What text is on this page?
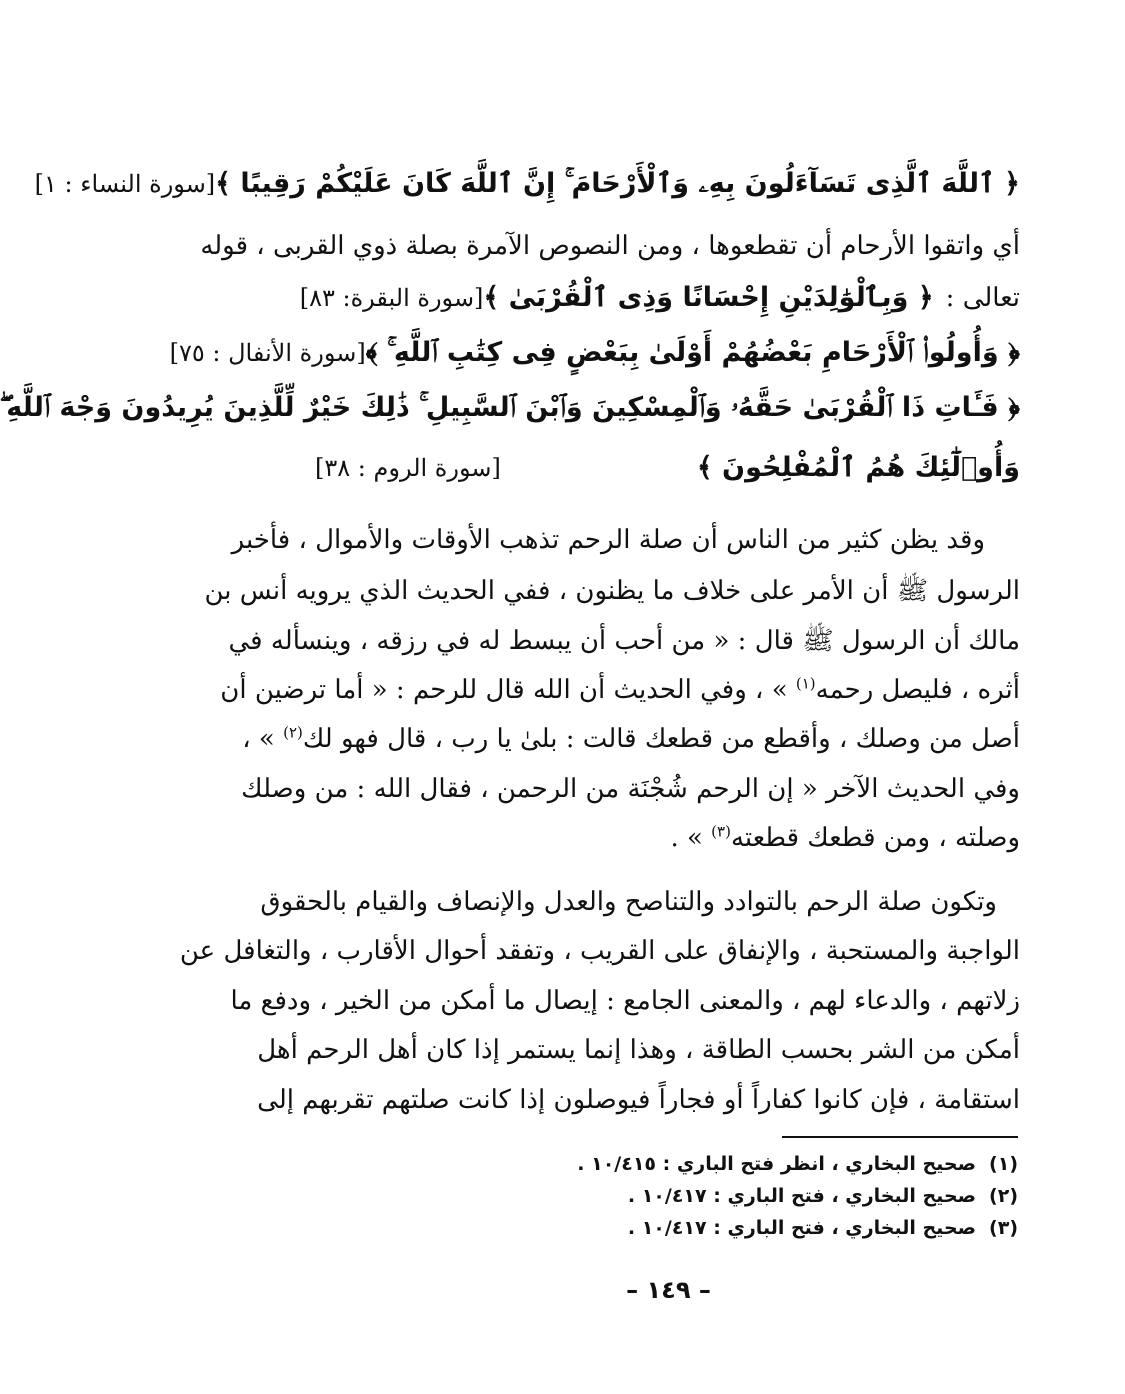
﴿ ٱللَّهَ ٱلَّذِى تَسَآءَلُونَ بِهِۦ وَٱلْأَرْحَامَ ۚ إِنَّ ٱللَّهَ كَانَ عَلَيْكُمْ رَقِيبًا ﴾
[سورة النساء : ١]
أي واتقوا الأرحام أن تقطعوها ، ومن النصوص الآمرة بصلة ذوي القربى ، قوله
تعالى :
﴿ وَبِٱلْوَٰلِدَيْنِ إِحْسَانًا وَذِى ٱلْقُرْبَىٰ ﴾
[سورة البقرة: ٨٣]
﴿ وَأُولُوا۟ ٱلْأَرْحَامِ بَعْضُهُمْ أَوْلَىٰ بِبَعْضٍ فِى كِتَٰبِ ٱللَّهِ ۚ ﴾
[سورة الأنفال : ٧٥]
﴿ فَـَٔاتِ ذَا ٱلْقُرْبَىٰ حَقَّهُۥ وَٱلْمِسْكِينَ وَٱبْنَ ٱلسَّبِيلِ ۚ ذَٰلِكَ خَيْرٌ لِّلَّذِينَ يُرِيدُونَ وَجْهَ ٱللَّهِ ۖ
وَأُو۟لَٰٓئِكَ هُمُ ٱلْمُفْلِحُونَ ﴾
[سورة الروم : ٣٨]
وقد يظن كثير من الناس أن صلة الرحم تذهب الأوقات والأموال ، فأخبر
الرسول ﷺ أن الأمر على خلاف ما يظنون ، ففي الحديث الذي يرويه أنس بن
مالك أن الرسول ﷺ قال : « من أحب أن يبسط له في رزقه ، وينسأله في
أثره ، فليصل رحمه$^{(١)}$ » ، وفي الحديث أن الله قال للرحم : « أما ترضين أن
أصل من وصلك ، وأقطع من قطعك قالت : بلىٰ يا رب ، قال فهو لك$^{(٢)}$ » ،
وفي الحديث الآخر « إن الرحم شُجْنَة من الرحمن ، فقال الله : من وصلك
وصلته ، ومن قطعك قطعته$^{(٣)}$ » .
وتكون صلة الرحم بالتوادد والتناصح والعدل والإنصاف والقيام بالحقوق
الواجبة والمستحبة ، والإنفاق على القريب ، وتفقد أحوال الأقارب ، والتغافل عن
زلاتهم ، والدعاء لهم ، والمعنى الجامع : إيصال ما أمكن من الخير ، ودفع ما
أمكن من الشر بحسب الطاقة ، وهذا إنما يستمر إذا كان أهل الرحم أهل
استقامة ، فإن كانوا كفاراً أو فجاراً فيوصلون إذا كانت صلتهم تقربهم إلى
(١)
صحيح البخاري ، انظر فتح الباري : ١٠/٤١٥ .
(٢)
صحيح البخاري ، فتح الباري : ١٠/٤١٧ .
(٣)
صحيح البخاري ، فتح الباري : ١٠/٤١٧ .
– ١٤٩ –
